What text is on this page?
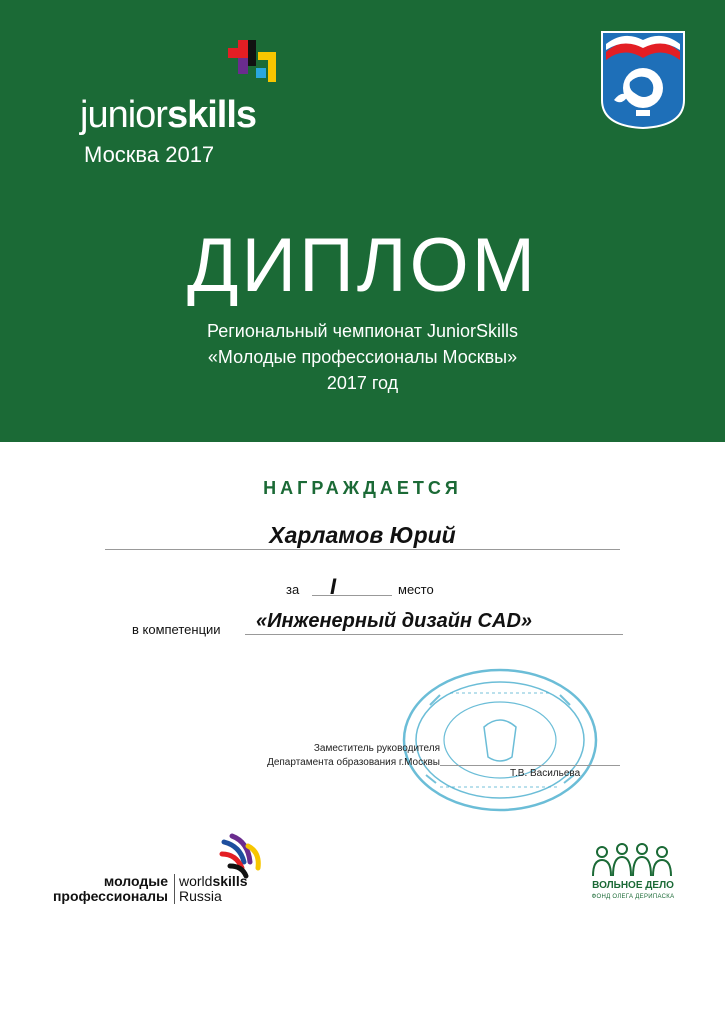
juniorskills
Москва 2017
ДИПЛОМ
Региональный чемпионат JuniorSkills
«Молодые профессионалы Москвы»
2017 год
НАГРАЖДАЕТСЯ
Харламов Юрий
за I	место
в компетенции «Инженерный дизайн CAD»
Заместитель руководителя
Департамента образования г.Москвы
Т.В. Васильева
молодые
профессионалы
worldskills
Russia
ВОЛЬНОЕ ДЕЛО
ФОНД ОЛЕГА ДЕРИПАСКА
